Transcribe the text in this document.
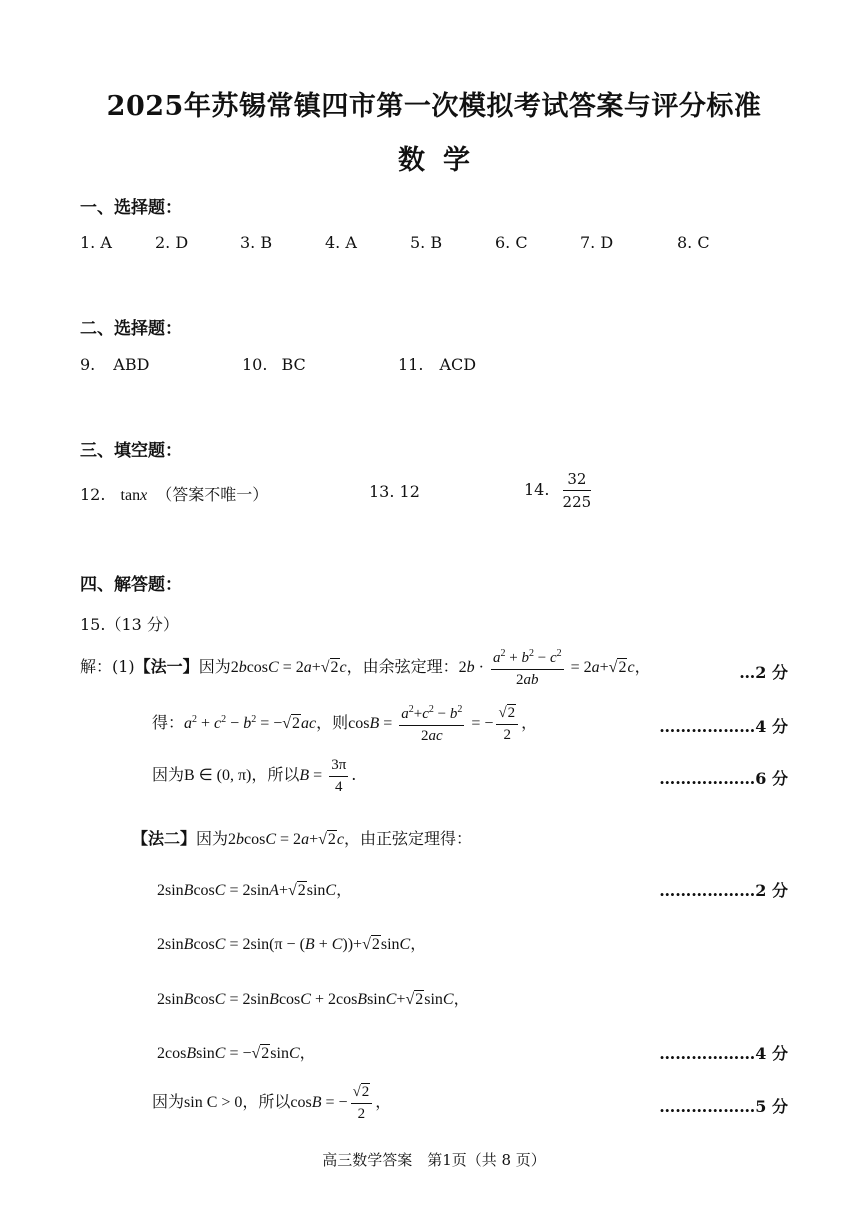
2025年苏锡常镇四市第一次模拟考试答案与评分标准
数学
一、选择题：
1. A	2. D	3. B	4. A	5. B	6. C	7. D	8. C
二、选择题：
9. ABD	10. BC	11. ACD
三、填空题：
12. tanx （答案不唯一）	13. 12	14. $\frac{32}{225}$
四、解答题：
15.（13 分）
解：(1)【法一】因为2bcosC = 2a+√2c，由余弦定理：$2b \cdot \frac{a^2 + b^2 - c^2}{2ab} = 2a+√2c$，	…2 分
得：$a^2 + c^2 - b^2 = -√2ac$，则$\cos B = \frac{a^2+c^2 - b^2}{2ac}$ = − $\frac{√2}{2}$ ，	………………4 分
因为B ∈ (0, π)，所以$B = \frac{3\pi}{4}$ .	………………6 分
【法二】因为2bcosC = 2a+√2c，由正弦定理得：
2sinBcosC = 2sinA+√2sinC，	………………2 分
2sinBcosC = 2sin(π − (B + C))+√2sinC，
2sinBcosC = 2sinBcosC + 2cosBsinC+√2sinC，
2cosBsinC = −√2sinC，	………………4 分
因为sin C > 0，所以cosB = − $\frac{√2}{2}$ ，	………………5 分
高三数学答案　第1页（共 8 页）
